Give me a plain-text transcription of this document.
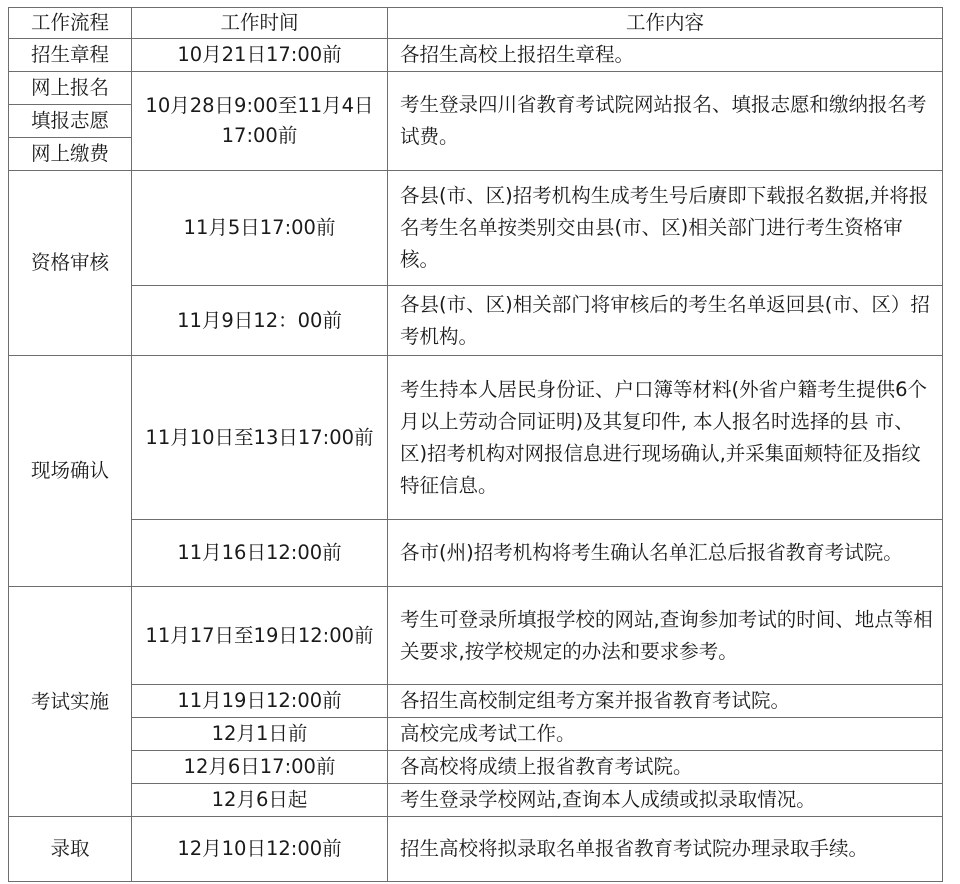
工作流程	工作时间	工作内容
招生章程	10月21日17:00前	各招生高校上报招生章程。
网上报名	10月28日9:00至11月4日17:00前	考生登录四川省教育考试院网站报名、填报志愿和缴纳报名考试费。
填报志愿		
网上缴费		
资格审核	11月5日17:00前	各县(市、区)招考机构生成考生号后赓即下载报名数据,并将报名考生名单按类别交由县(市、区)相关部门进行考生资格审核。
	11月9日12：00前	各县(市、区)相关部门将审核后的考生名单返回县(市、区）招考机构。
现场确认	11月10日至13日17:00前	考生持本人居民身份证、户口簿等材料(外省户籍考生提供6个月以上劳动合同证明)及其复印件, 本人报名时选择的县 市、区)招考机构对网报信息进行现场确认,并采集面颊特征及指纹特征信息。
	11月16日12:00前	各市(州)招考机构将考生确认名单汇总后报省教育考试院。
考试实施	11月17日至19日12:00前	考生可登录所填报学校的网站,查询参加考试的时间、地点等相关要求,按学校规定的办法和要求参考。
	11月19日12:00前	各招生高校制定组考方案并报省教育考试院。
	12月1日前	高校完成考试工作。
	12月6日17:00前	各高校将成绩上报省教育考试院。
	12月6日起	考生登录学校网站,查询本人成绩或拟录取情况。
录取	12月10日12:00前	招生高校将拟录取名单报省教育考试院办理录取手续。
